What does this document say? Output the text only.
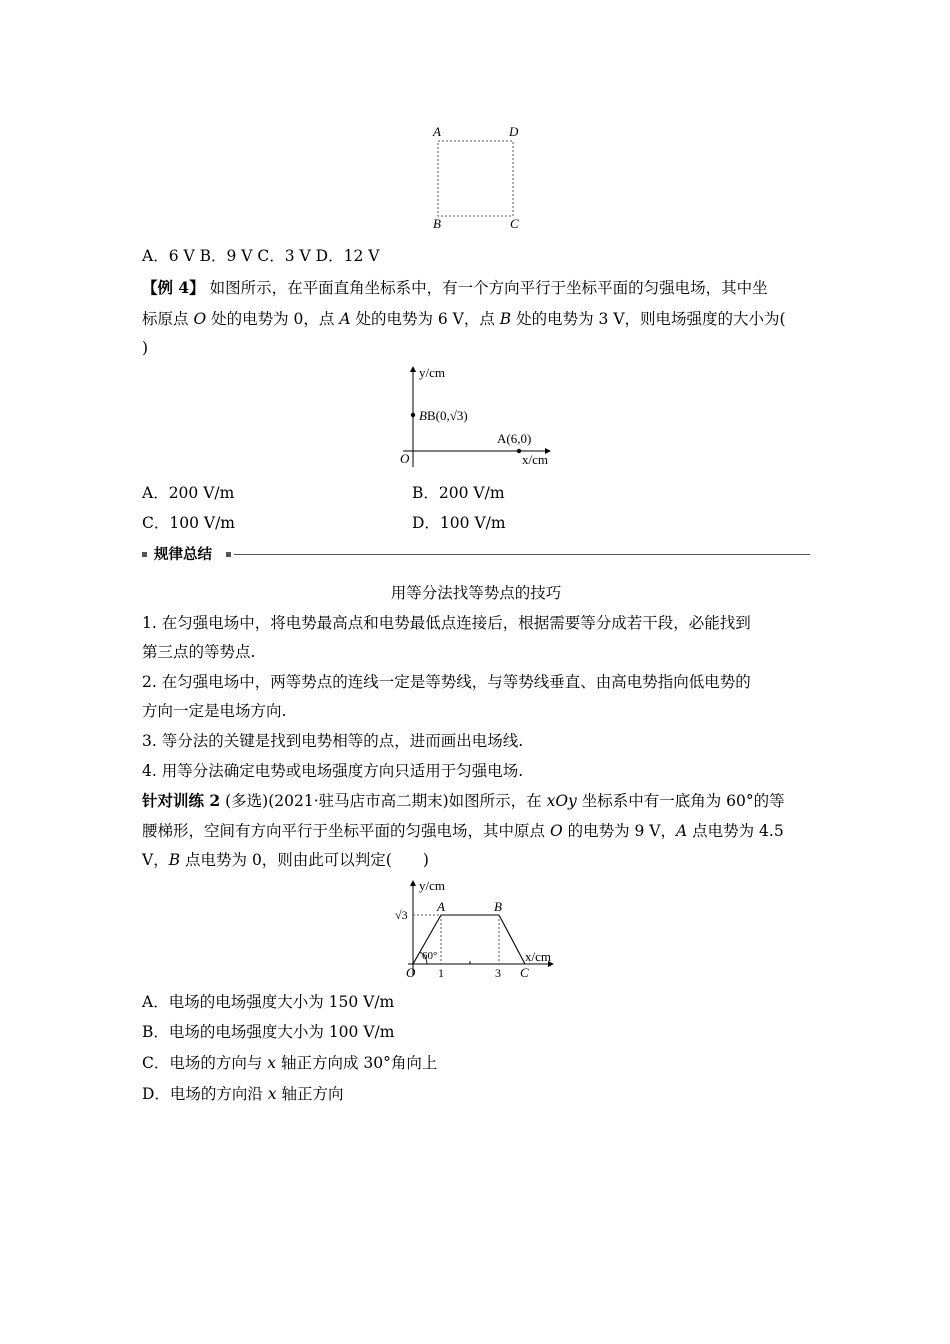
A	D
B	C
A．6 V B．9 V C．3 V D．12 V
【例 4】 如图所示，在平面直角坐标系中，有一个方向平行于坐标平面的匀强电场，其中坐
标原点 O 处的电势为 0，点 A 处的电势为 6 V，点 B 处的电势为 3 V，则电场强度的大小为(
)
y/cm
x/cm
O
BB(0,√3)
A(6,0)
A．200 V/m	B．200 V/m
C．100 V/m	D．100 V/m
规律总结
用等分法找等势点的技巧
1. 在匀强电场中，将电势最高点和电势最低点连接后，根据需要等分成若干段，必能找到
第三点的等势点.
2. 在匀强电场中，两等势点的连线一定是等势线，与等势线垂直、由高电势指向低电势的
方向一定是电场方向.
3. 等分法的关键是找到电势相等的点，进而画出电场线.
4. 用等分法确定电势或电场强度方向只适用于匀强电场.
针对训练 2 (多选)(2021·驻马店市高二期末)如图所示，在 xOy 坐标系中有一底角为 60°的等
腰梯形，空间有方向平行于坐标平面的匀强电场，其中原点 O 的电势为 9 V，A 点电势为 4.5
V，B 点电势为 0，则由此可以判定(　　)
y/cm
x/cm
O
√3
A	B
C
60°
1	3
A．电场的电场强度大小为 150 V/m
B．电场的电场强度大小为 100 V/m
C．电场的方向与 x 轴正方向成 30°角向上
D．电场的方向沿 x 轴正方向
